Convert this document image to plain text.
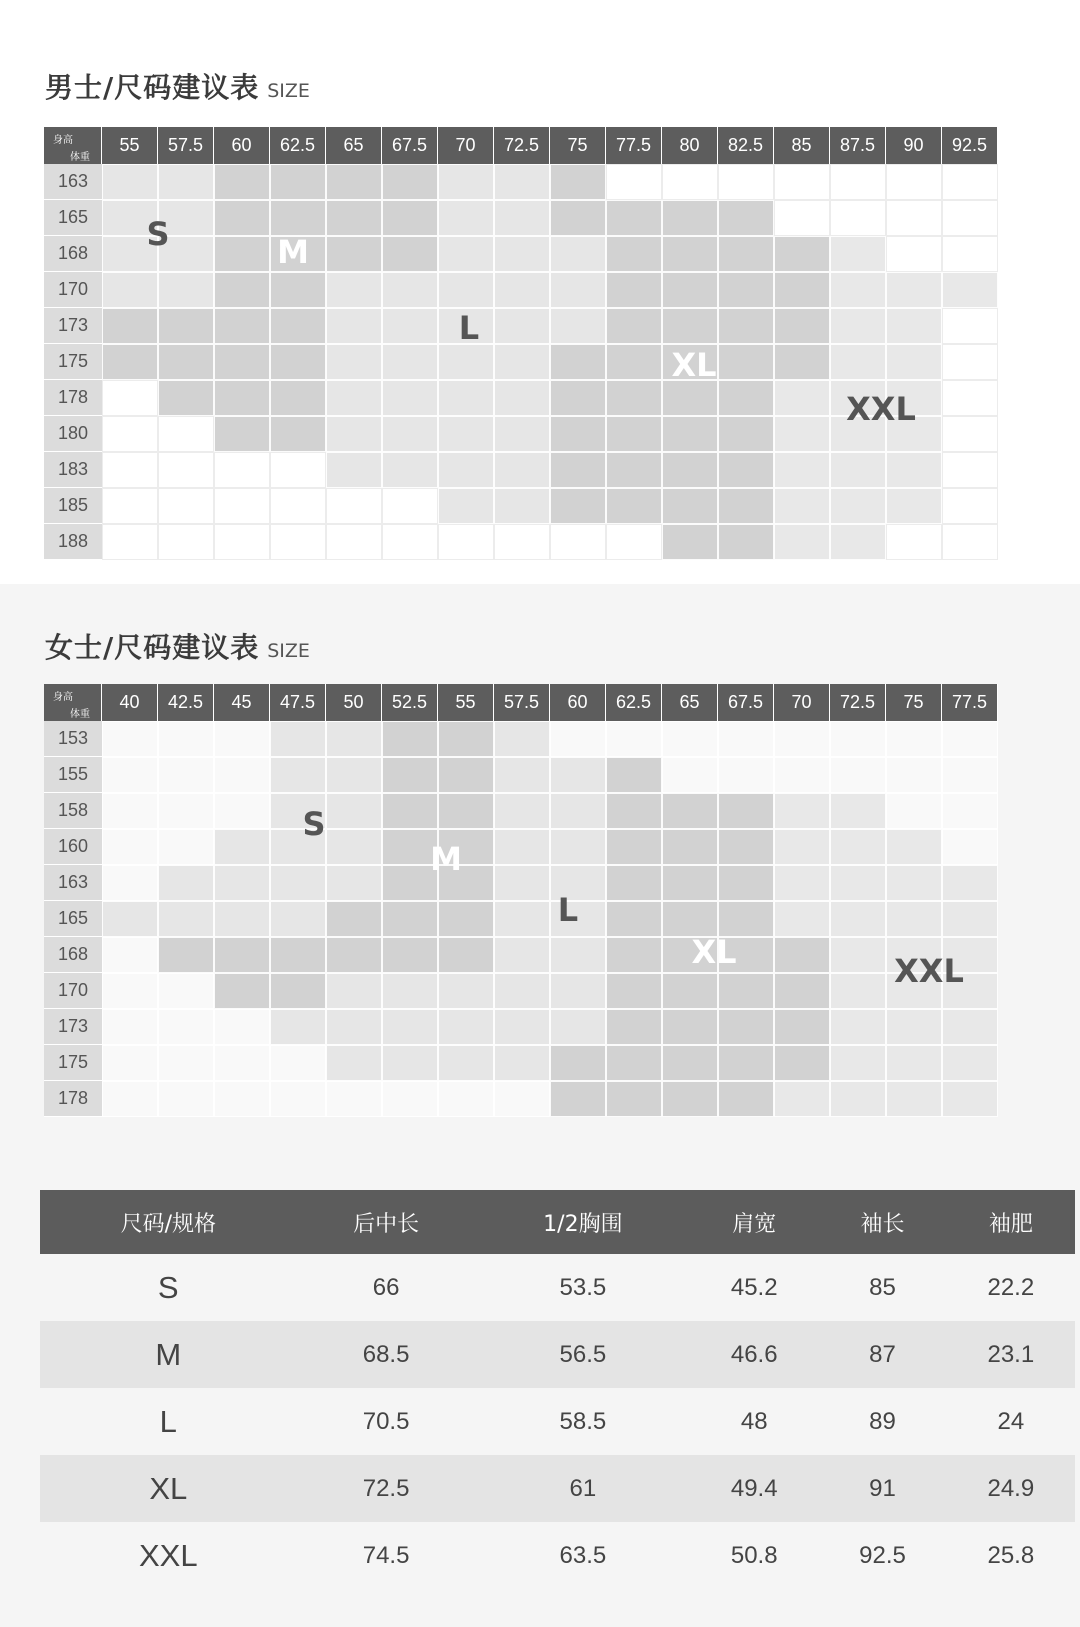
男士/尺码建议表 SIZE
身高
体重
55	57.5	60	62.5	65	67.5	70	72.5	75	77.5	80	82.5	85	87.5	90	92.5
163
165
168
170
173
175
178
180
183
185
188
S	M
L
XL
XXL
女士/尺码建议表 SIZE
身高
体重
40	42.5	45	47.5	50	52.5	55	57.5	60	62.5	65	67.5	70	72.5	75	77.5
153
155
158
160
163
165
168
170
173
175
178
S
M
L
XL	XXL
尺码/规格	后中长	1/2胸围	肩宽	袖长	袖肥
S	66	53.5	45.2	85	22.2
M	68.5	56.5	46.6	87	23.1
L	70.5	58.5	48	89	24
XL	72.5	61	49.4	91	24.9
XXL	74.5	63.5	50.8	92.5	25.8
